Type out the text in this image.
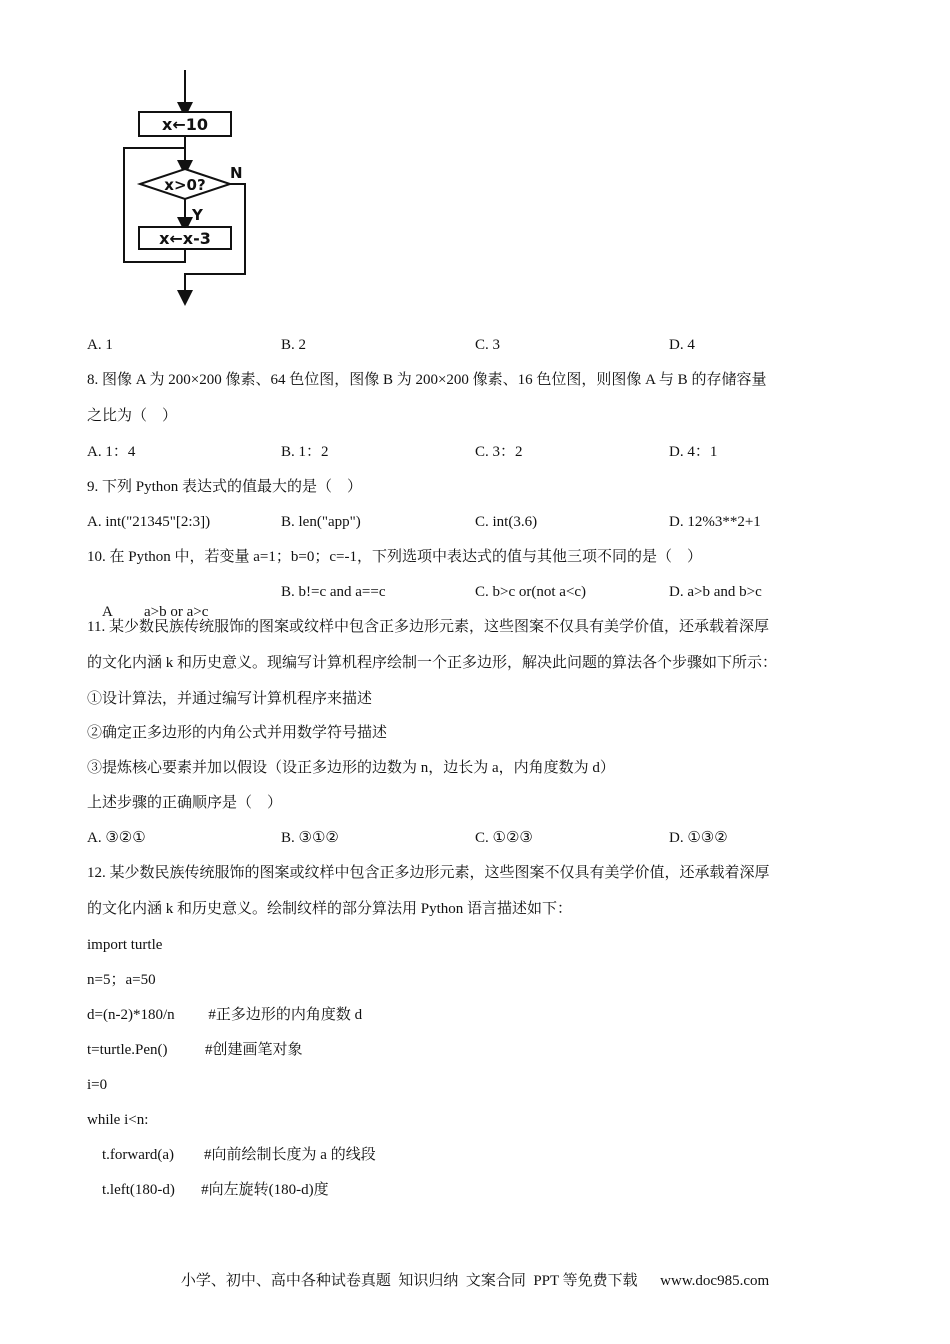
x←10
x>0?
N
Y
x←x-3
A. 1	B. 2	C. 3	D. 4
8. 图像 A 为 200×200 像素、64 色位图，图像 B 为 200×200 像素、16 色位图，则图像 A 与 B 的存储容量
之比为（　）
A. 1：4	B. 1：2	C. 3：2	D. 4：1
9. 下列 Python 表达式的值最大的是（　）
A. int("21345"[2:3])	B. len("app")	C. int(3.6)	D. 12%3**2+1
10. 在 Python 中，若变量 a=1；b=0；c=-1，下列选项中表达式的值与其他三项不同的是（　）

A a>b or a>c

B. b!=c and a==c	C. b>c or(not a<c)	D. a>b and b>c
11. 某少数民族传统服饰的图案或纹样中包含正多边形元素，这些图案不仅具有美学价值，还承载着深厚
的文化内涵 k 和历史意义。现编写计算机程序绘制一个正多边形，解决此问题的算法各个步骤如下所示：
①设计算法，并通过编写计算机程序来描述
②确定正多边形的内角公式并用数学符号描述
③提炼核心要素并加以假设（设正多边形的边数为 n，边长为 a，内角度数为 d）
上述步骤的正确顺序是（　）
A. ③②①	B. ③①②	C. ①②③	D. ①③②
12. 某少数民族传统服饰的图案或纹样中包含正多边形元素，这些图案不仅具有美学价值，还承载着深厚
的文化内涵 k 和历史意义。绘制纹样的部分算法用 Python 语言描述如下：
import turtle
n=5；a=50
d=(n-2)*180/n         #正多边形的内角度数 d
t=turtle.Pen()          #创建画笔对象
i=0
while i<n:
t.forward(a)        #向前绘制长度为 a 的线段
t.left(180-d)       #向左旋转(180-d)度
小学、初中、高中各种试卷真题  知识归纳  文案合同  PPT 等免费下载      www.doc985.com
